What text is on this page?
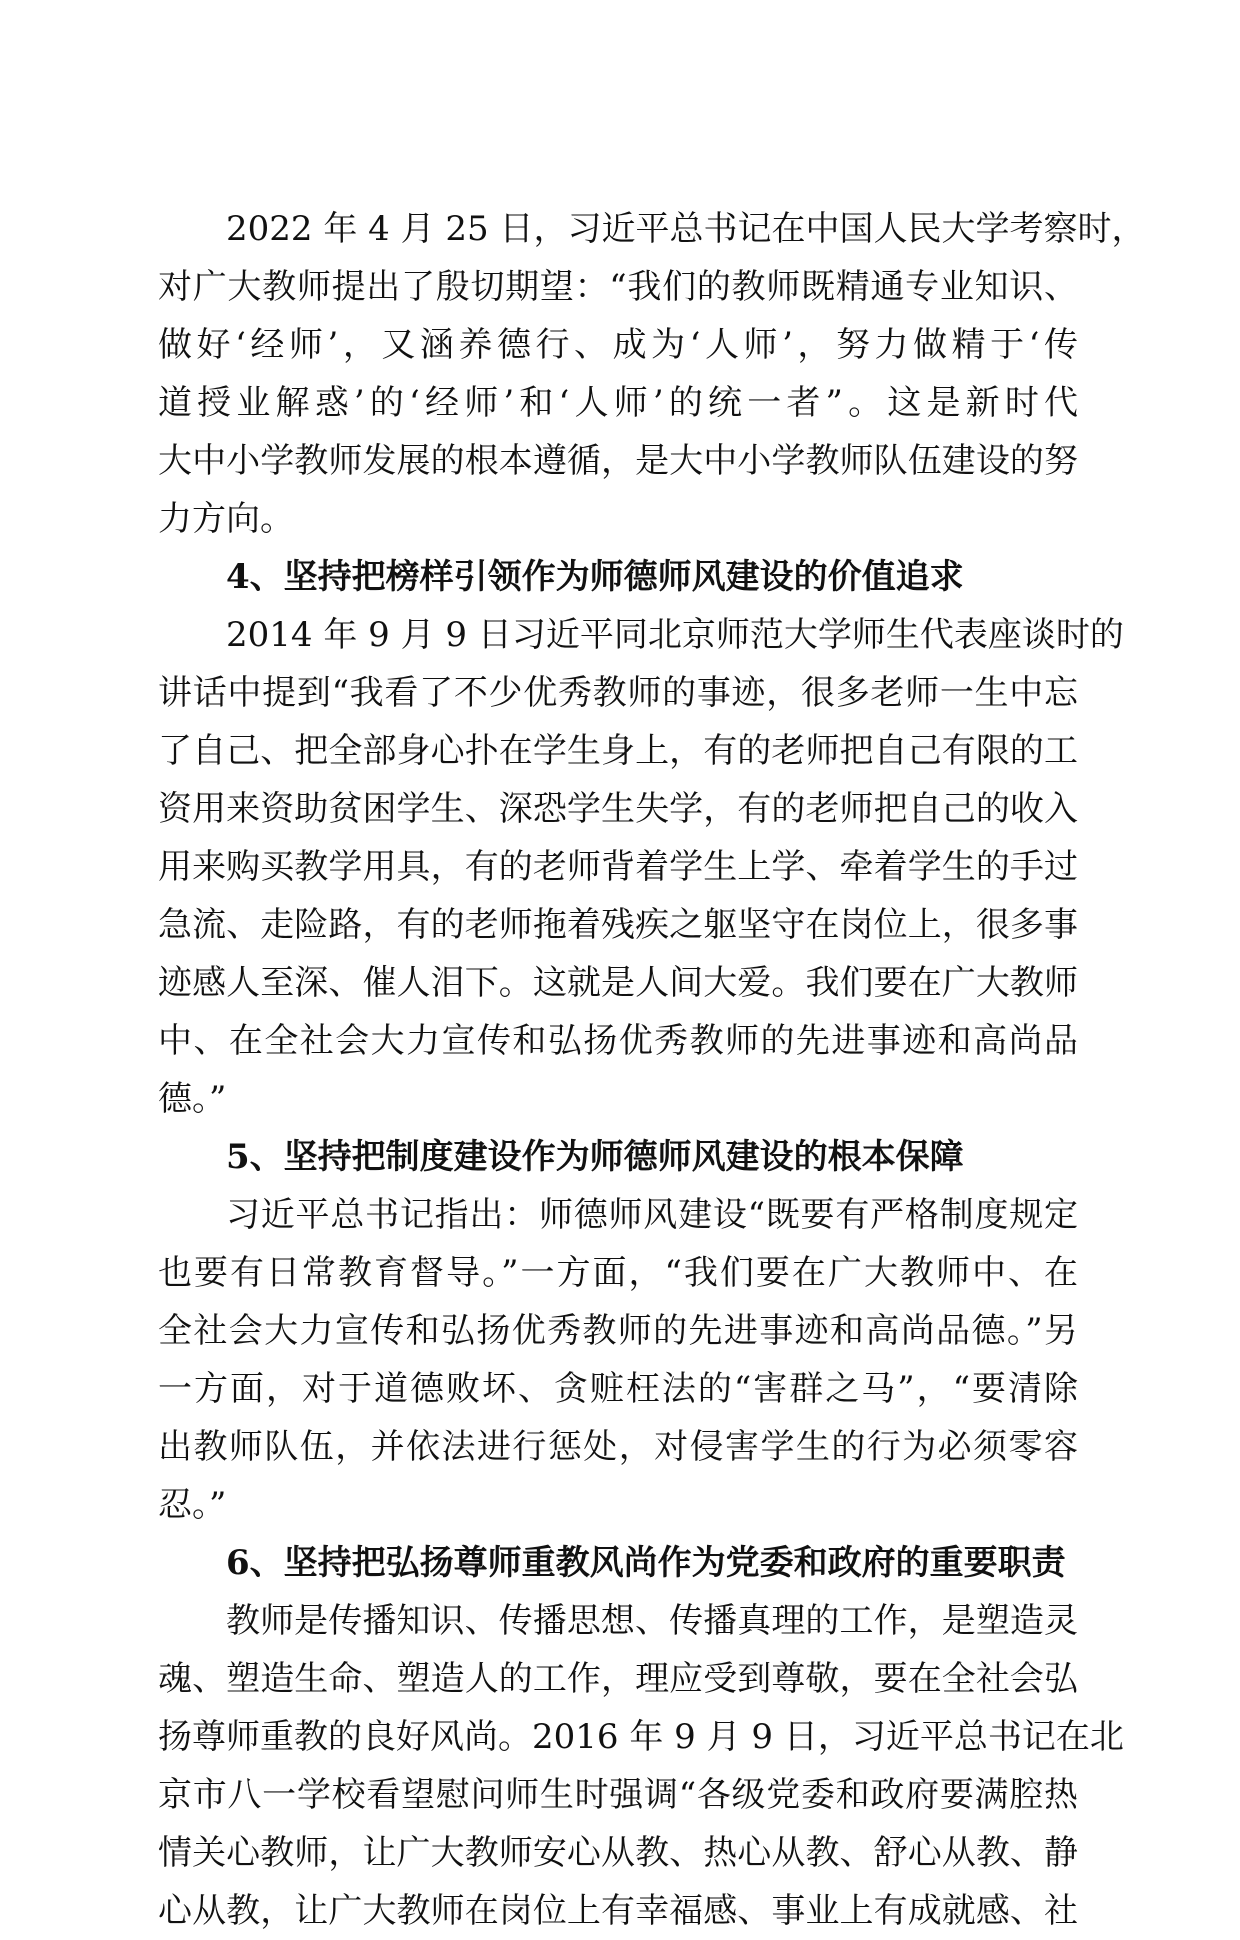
2022 年 4 月 25 日，习近平总书记在中国人民大学考察时，
对广大教师提出了殷切期望：“我们的教师既精通专业知识、
做好‘经师’，又涵养德行、成为‘人师’，努力做精于‘传
道授业解惑’的‘经师’和‘人师’的统一者”。这是新时代
大中小学教师发展的根本遵循，是大中小学教师队伍建设的努
力方向。
4、坚持把榜样引领作为师德师风建设的价值追求
2014 年 9 月 9 日习近平同北京师范大学师生代表座谈时的
讲话中提到“我看了不少优秀教师的事迹，很多老师一生中忘
了自己、把全部身心扑在学生身上，有的老师把自己有限的工
资用来资助贫困学生、深恐学生失学，有的老师把自己的收入
用来购买教学用具，有的老师背着学生上学、牵着学生的手过
急流、走险路，有的老师拖着残疾之躯坚守在岗位上，很多事
迹感人至深、催人泪下。这就是人间大爱。我们要在广大教师
中、在全社会大力宣传和弘扬优秀教师的先进事迹和高尚品
德。”
5、坚持把制度建设作为师德师风建设的根本保障
习近平总书记指出：师德师风建设“既要有严格制度规定
也要有日常教育督导。”一方面，“我们要在广大教师中、在
全社会大力宣传和弘扬优秀教师的先进事迹和高尚品德。”另
一方面，对于道德败坏、贪赃枉法的“害群之马”，“要清除
出教师队伍，并依法进行惩处，对侵害学生的行为必须零容
忍。”
6、坚持把弘扬尊师重教风尚作为党委和政府的重要职责
教师是传播知识、传播思想、传播真理的工作，是塑造灵
魂、塑造生命、塑造人的工作，理应受到尊敬，要在全社会弘
扬尊师重教的良好风尚。2016 年 9 月 9 日，习近平总书记在北
京市八一学校看望慰问师生时强调“各级党委和政府要满腔热
情关心教师，让广大教师安心从教、热心从教、舒心从教、静
心从教，让广大教师在岗位上有幸福感、事业上有成就感、社
